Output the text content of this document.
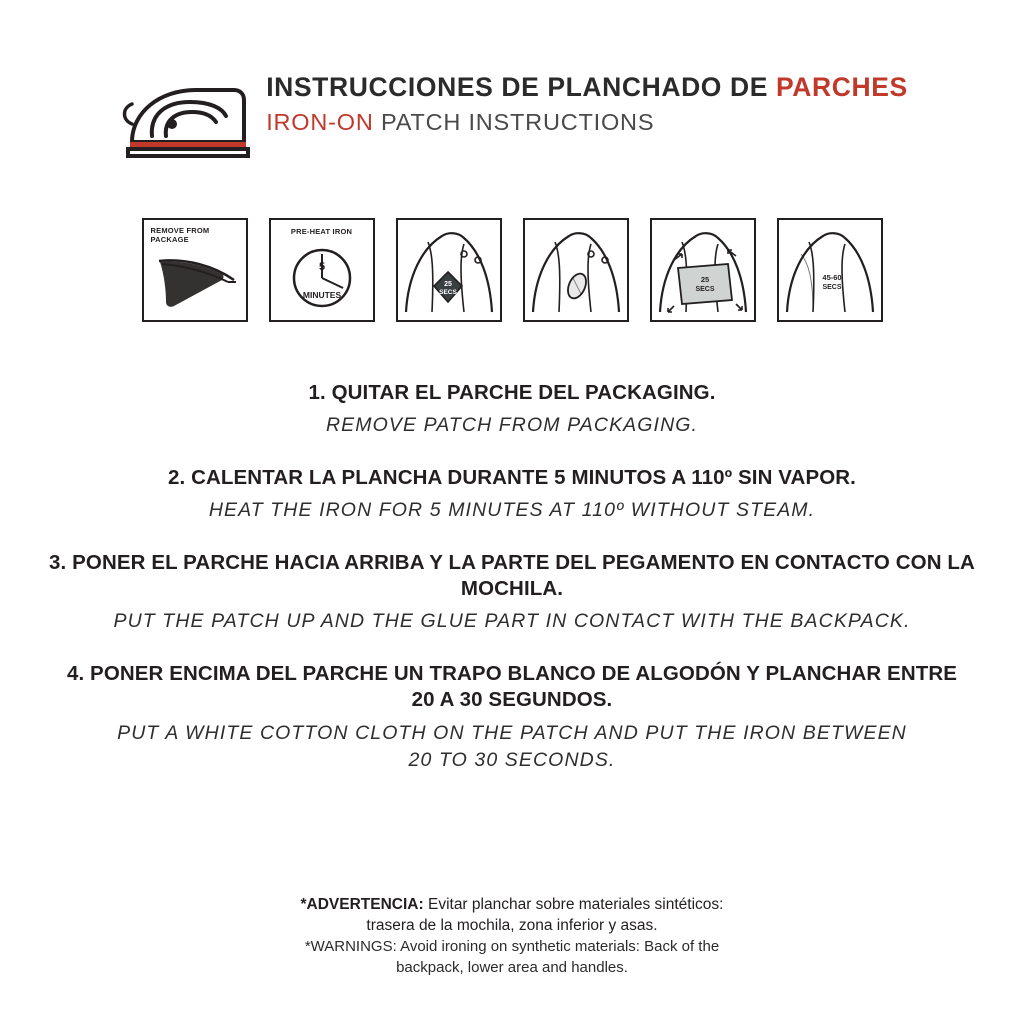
INSTRUCCIONES DE PLANCHADO DE PARCHES
IRON-ON PATCH INSTRUCTIONS
REMOVE FROM
PACKAGE
PRE-HEAT IRON
5
MINUTES
25
SECS
25
SECS
45-60
SECS
1. QUITAR EL PARCHE DEL PACKAGING.
REMOVE PATCH FROM PACKAGING.
2. CALENTAR LA PLANCHA DURANTE 5 MINUTOS A 110º SIN VAPOR.
HEAT THE IRON FOR 5 MINUTES AT 110º WITHOUT STEAM.
3. PONER EL PARCHE HACIA ARRIBA Y LA PARTE DEL PEGAMENTO EN CONTACTO CON LA MOCHILA.
PUT THE PATCH UP AND THE GLUE PART IN CONTACT WITH THE BACKPACK.
4. PONER ENCIMA DEL PARCHE UN TRAPO BLANCO DE ALGODÓN Y PLANCHAR ENTRE
20 A 30 SEGUNDOS.
PUT A WHITE COTTON CLOTH ON THE PATCH AND PUT THE IRON BETWEEN
20 TO 30 SECONDS.
*ADVERTENCIA: Evitar planchar sobre materiales sintéticos:
trasera de la mochila, zona inferior y asas.
*WARNINGS: Avoid ironing on synthetic materials: Back of the
backpack, lower area and handles.
